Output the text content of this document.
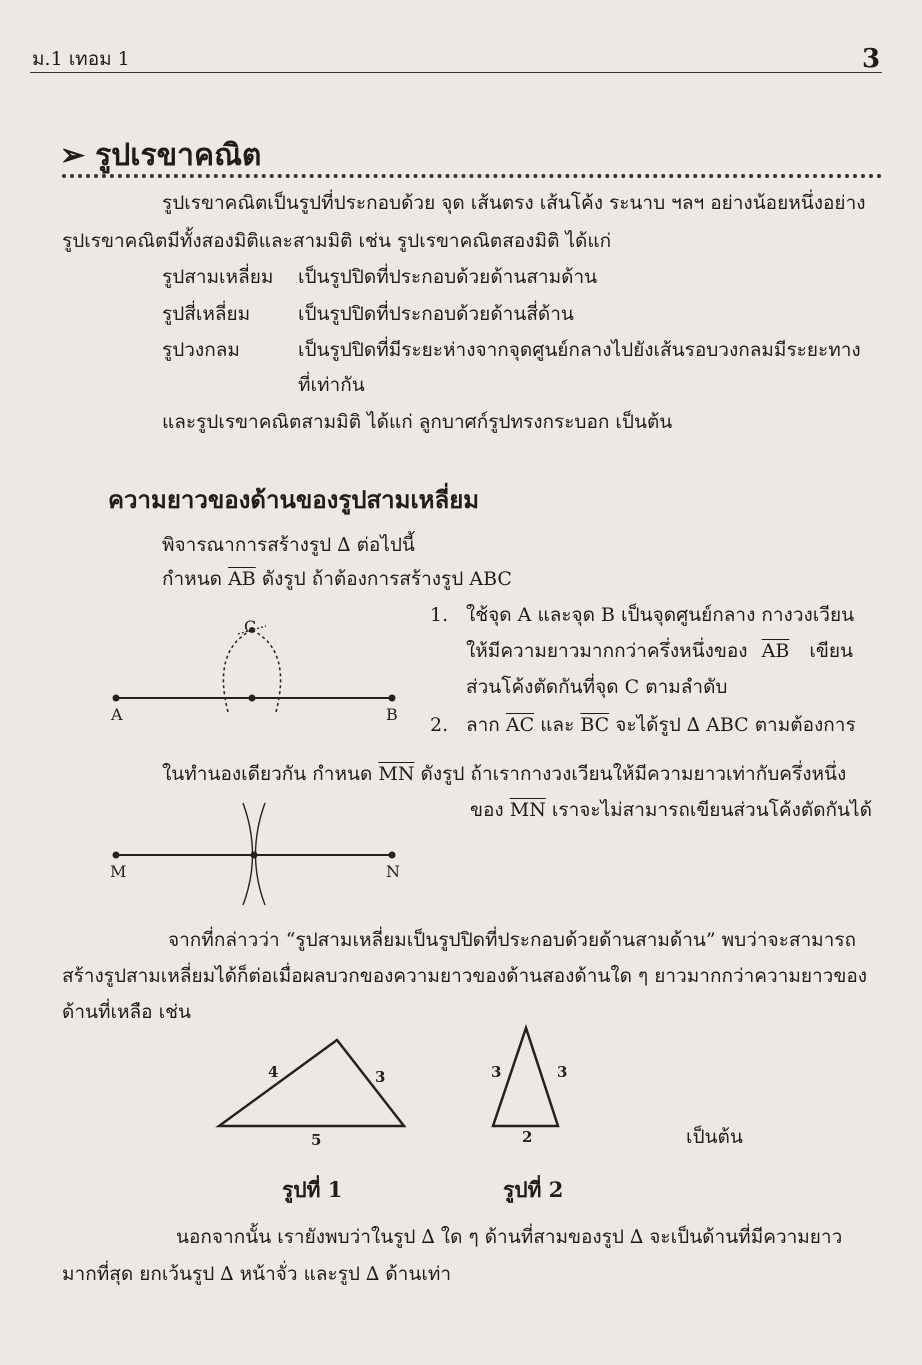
ม.1 เทอม 1	3
➢ รูปเรขาคณิต
รูปเรขาคณิตเป็นรูปที่ประกอบด้วย จุด เส้นตรง เส้นโค้ง ระนาบ ฯลฯ อย่างน้อยหนึ่งอย่าง
รูปเรขาคณิตมีทั้งสองมิติและสามมิติ เช่น รูปเรขาคณิตสองมิติ ได้แก่
รูปสามเหลี่ยม เป็นรูปปิดที่ประกอบด้วยด้านสามด้าน
รูปสี่เหลี่ยม	เป็นรูปปิดที่ประกอบด้วยด้านสี่ด้าน
รูปวงกลม	เป็นรูปปิดที่มีระยะห่างจากจุดศูนย์กลางไปยังเส้นรอบวงกลมมีระยะทาง
ที่เท่ากัน
และรูปเรขาคณิตสามมิติ ได้แก่ ลูกบาศก์รูปทรงกระบอก เป็นต้น
ความยาวของด้านของรูปสามเหลี่ยม
พิจารณาการสร้างรูป ∆ ต่อไปนี้
กำหนด $\overline{AB}$ ดังรูป ถ้าต้องการสร้างรูป ABC
1. ใช้จุด A และจุด B เป็นจุดศูนย์กลาง กางวงเวียน
ให้มีความยาวมากกว่าครึ่งหนึ่งของ $\overline{AB}$ เขียน
ส่วนโค้งตัดกันที่จุด C ตามลำดับ
2. ลาก $\overline{AC}$ และ $\overline{BC}$ จะได้รูป ∆ ABC ตามต้องการ
A	B
C
M	N
4	3
5
3	3
2
ในทำนองเดียวกัน กำหนด $\overline{MN}$ ดังรูป ถ้าเรากางวงเวียนให้มีความยาวเท่ากับครึ่งหนึ่ง
ของ $\overline{MN}$ เราจะไม่สามารถเขียนส่วนโค้งตัดกันได้
จากที่กล่าวว่า “รูปสามเหลี่ยมเป็นรูปปิดที่ประกอบด้วยด้านสามด้าน” พบว่าจะสามารถ
สร้างรูปสามเหลี่ยมได้ก็ต่อเมื่อผลบวกของความยาวของด้านสองด้านใด ๆ ยาวมากกว่าความยาวของ
ด้านที่เหลือ เช่น
รูปที่ 1	รูปที่ 2
เป็นต้น
นอกจากนั้น เรายังพบว่าในรูป ∆ ใด ๆ ด้านที่สามของรูป ∆ จะเป็นด้านที่มีความยาว
มากที่สุด ยกเว้นรูป ∆ หน้าจั่ว และรูป ∆ ด้านเท่า
